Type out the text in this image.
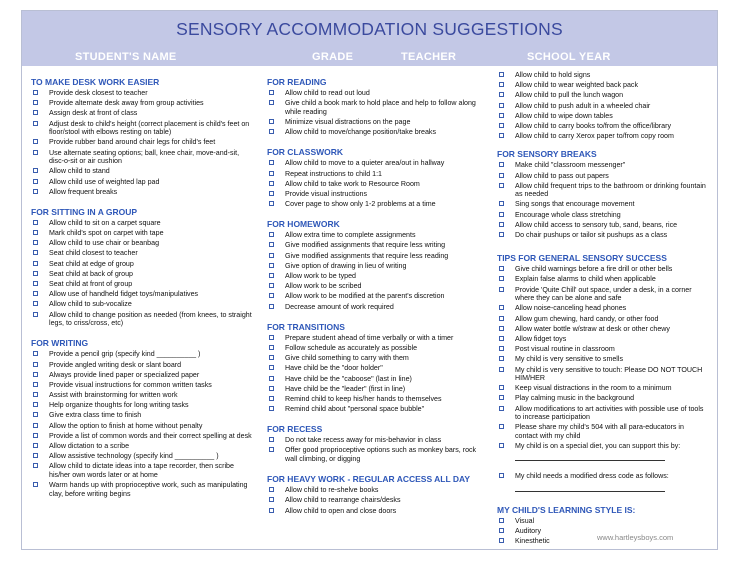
SENSORY ACCOMMODATION SUGGESTIONS
STUDENT'S NAME	GRADE	TEACHER	SCHOOL YEAR
TO MAKE DESK WORK EASIER
Provide desk closest to teacher
Provide alternate desk away from group activities
Assign desk at front of class
Adjust desk to child's height (correct placement is child's feet on floor/stool with elbows resting on table)
Provide rubber band around chair legs for child's feet
Use alternate seating options; ball, knee chair, move-and-sit, disc-o-sit or air cushion
Allow child to stand
Allow child use of weighted lap pad
Allow frequent breaks
FOR SITTING IN A GROUP
Allow child to sit on a carpet square
Mark child's spot on carpet with tape
Allow child to use chair or beanbag
Seat child closest to teacher
Seat child at edge of group
Seat child at back of group
Seat child at front of group
Allow use of handheld fidget toys/manipulatives
Allow child to sub-vocalize
Allow child to change position as needed (from knees, to straight legs, to criss/cross, etc)
FOR WRITING
Provide a pencil grip (specify kind __________ )
Provide angled writing desk or slant board
Always provide lined paper or specialized paper
Provide visual instructions for common written tasks
Assist with brainstorming for written work
Help organize thoughts for long writing tasks
Give extra class time to finish
Allow the option to finish at home without penalty
Provide a list of common words and their correct spelling at desk
Allow dictation to a scribe
Allow assistive technology (specify kind __________ )
Allow child to dictate ideas into a tape recorder, then scribe his/her own words later or at home
Warm hands up with proprioceptive work, such as manipulating clay, before writing begins
FOR READING
Allow child to read out loud
Give child a book mark to hold place and help to follow along while reading
Minimize visual distractions on the page
Allow child to move/change position/take breaks
FOR CLASSWORK
Allow child to move to a quieter area/out in hallway
Repeat instructions to child 1:1
Allow child to take work to Resource Room
Provide visual instructions
Cover page to show only 1-2 problems at a time
FOR HOMEWORK
Allow extra time to complete assignments
Give modified assignments that require less writing
Give modified assignments that require less reading
Give option of drawing in lieu of writing
Allow work to be typed
Allow work to be scribed
Allow work to be modified at the parent's discretion
Decrease amount of work required
FOR TRANSITIONS
Prepare student ahead of time verbally or with a timer
Follow schedule as accurately as possible
Give child something to carry with them
Have child be the "door holder"
Have child be the "caboose" (last in line)
Have child be the "leader" (first in line)
Remind child to keep his/her hands to themselves
Remind child about "personal space bubble"
FOR RECESS
Do not take recess away for mis-behavior in class
Offer good proprioceptive options such as monkey bars, rock wall climbing, or digging
FOR HEAVY WORK - REGULAR ACCESS ALL DAY
Allow child to re-shelve books
Allow child to rearrange chairs/desks
Allow child to open and close doors
Allow child to hold signs
Allow child to wear weighted back pack
Allow child to pull the lunch wagon
Allow child to push adult in a wheeled chair
Allow child to wipe down tables
Allow child to carry books to/from the office/library
Allow child to carry Xerox paper to/from copy room
FOR SENSORY BREAKS
Make child "classroom messenger"
Allow child to pass out papers
Allow child frequent trips to the bathroom or drinking fountain as needed
Sing songs that encourage movement
Encourage whole class stretching
Allow child access to sensory tub, sand, beans, rice
Do chair pushups or tailor sit pushups as a class
TIPS FOR GENERAL SENSORY SUCCESS
Give child warnings before a fire drill or other bells
Explain false alarms to child when applicable
Provide 'Quite Chill' out space, under a desk, in a corner where they can be alone and safe
Allow noise-canceling head phones
Allow gum chewing, hard candy, or other food
Allow water bottle w/straw at desk or other chewy
Allow fidget toys
Post visual routine in classroom
My child is very sensitive to smells
My child is very sensitive to touch: Please DO NOT TOUCH HIM/HER
Keep visual distractions in the room to a minimum
Play calming music in the background
Allow modifications to art activities with possible use of tools to increase participation
Please share my child's 504 with all para-educators in contact with my child
My child is on a special diet, you can support this by:
My child needs a modified dress code as follows:
MY CHILD'S LEARNING STYLE IS:
Visual
Auditory
Kinesthetic	www.hartleysboys.com
